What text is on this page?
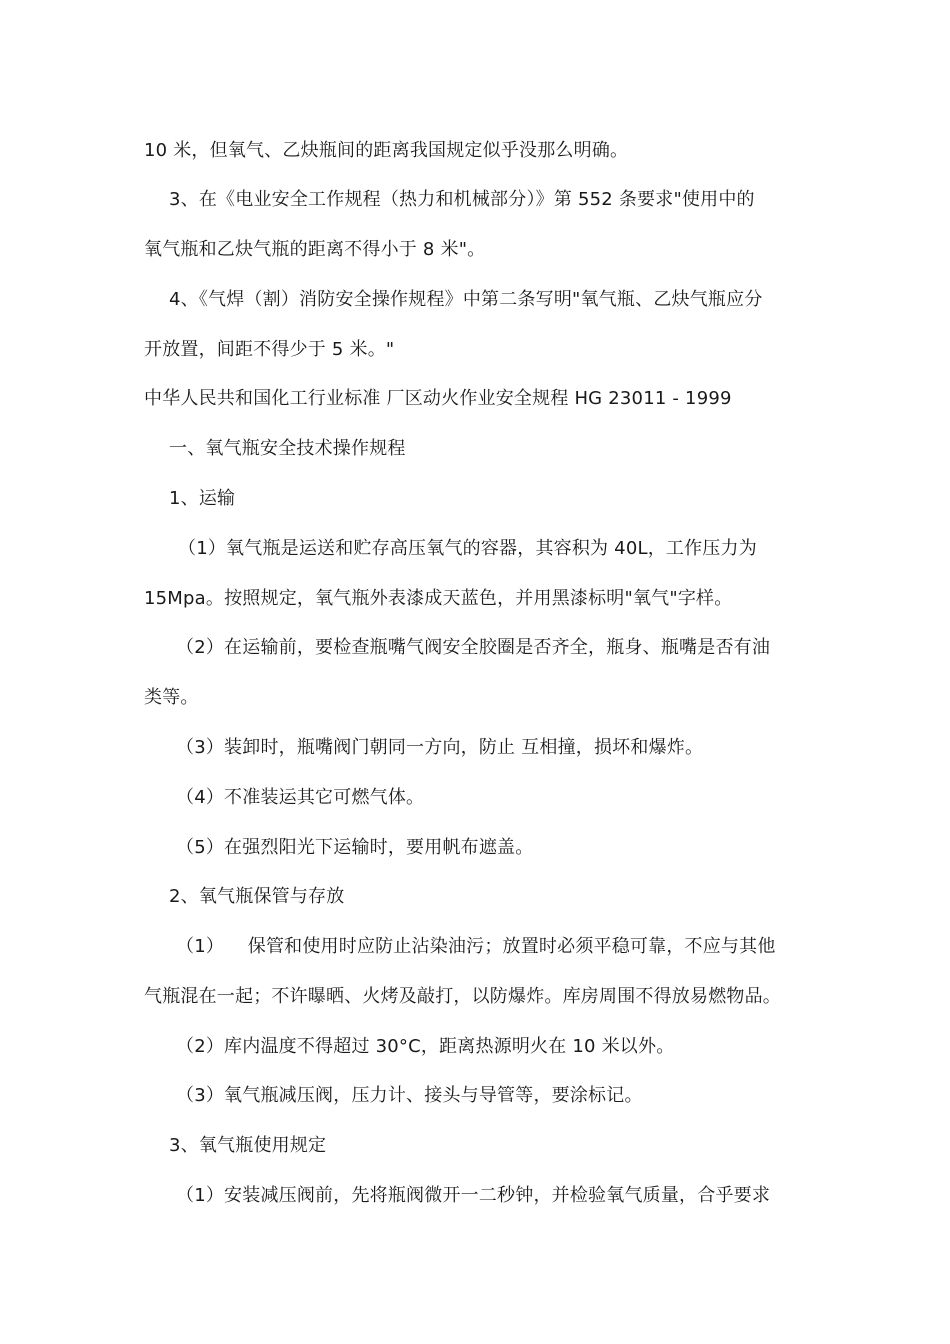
10 米，但氧气、乙炔瓶间的距离我国规定似乎没那么明确。
3、在《电业安全工作规程（热力和机械部分）》第 552 条要求"使用中的
氧气瓶和乙炔气瓶的距离不得小于 8 米"。
4、《气焊（割）消防安全操作规程》中第二条写明"氧气瓶、乙炔气瓶应分
开放置，间距不得少于 5 米。"
中华人民共和国化工行业标准 厂区动火作业安全规程 HG 23011 - 1999
一、氧气瓶安全技术操作规程
1、运输
（1）氧气瓶是运送和贮存高压氧气的容器，其容积为 40L，工作压力为
15Mpa。按照规定，氧气瓶外表漆成天蓝色，并用黑漆标明"氧气"字样。
（2）在运输前，要检查瓶嘴气阀安全胶圈是否齐全，瓶身、瓶嘴是否有油
类等。
（3）装卸时，瓶嘴阀门朝同一方向，防止 互相撞，损坏和爆炸。
（4）不准装运其它可燃气体。
（5）在强烈阳光下运输时，要用帆布遮盖。
2、氧气瓶保管与存放
（1）    保管和使用时应防止沾染油污；放置时必须平稳可靠，不应与其他
气瓶混在一起；不许曝晒、火烤及敲打，以防爆炸。库房周围不得放易燃物品。
（2）库内温度不得超过 30°C，距离热源明火在 10 米以外。
（3）氧气瓶减压阀，压力计、接头与导管等，要涂标记。
3、氧气瓶使用规定
（1）安装减压阀前，先将瓶阀微开一二秒钟，并检验氧气质量，合乎要求
